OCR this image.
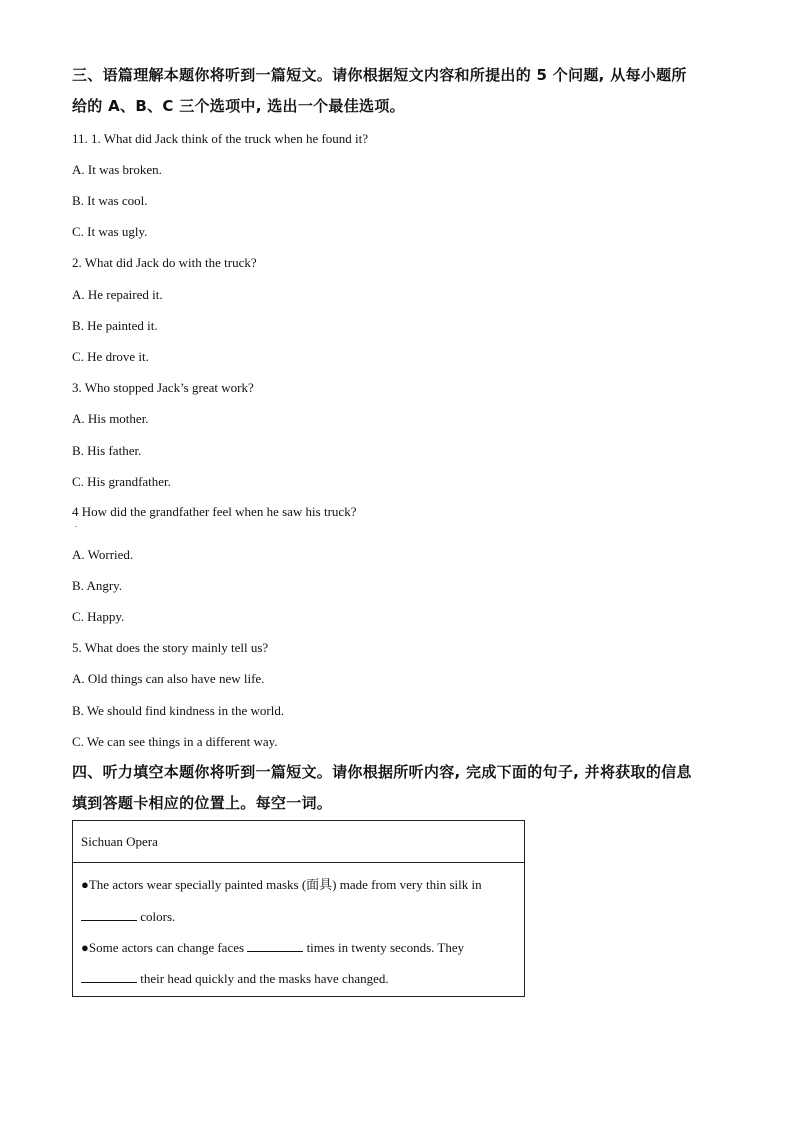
三、语篇理解本题你将听到一篇短文。请你根据短文内容和所提出的 5 个问题, 从每小题所
给的 A、B、C 三个选项中, 选出一个最佳选项。
11. 1. What did Jack think of the truck when he found it?
A. It was broken.
B. It was cool.
C. It was ugly.
2. What did Jack do with the truck?
A. He repaired it.
B. He painted it.
C. He drove it.
3. Who stopped Jack’s great work?
A. His mother.
B. His father.
C. His grandfather.
4 How did the grandfather feel when he saw his truck?
.
A. Worried.
B. Angry.
C. Happy.
5. What does the story mainly tell us?
A. Old things can also have new life.
B. We should find kindness in the world.
C. We can see things in a different way.
四、听力填空本题你将听到一篇短文。请你根据所听内容, 完成下面的句子, 并将获取的信息
填到答题卡相应的位置上。每空一词。
Sichuan Opera
●The actors wear specially painted masks (面具) made from very thin silk in
colors.
●Some actors can change faces	times in twenty seconds. They
their head quickly and the masks have changed.
